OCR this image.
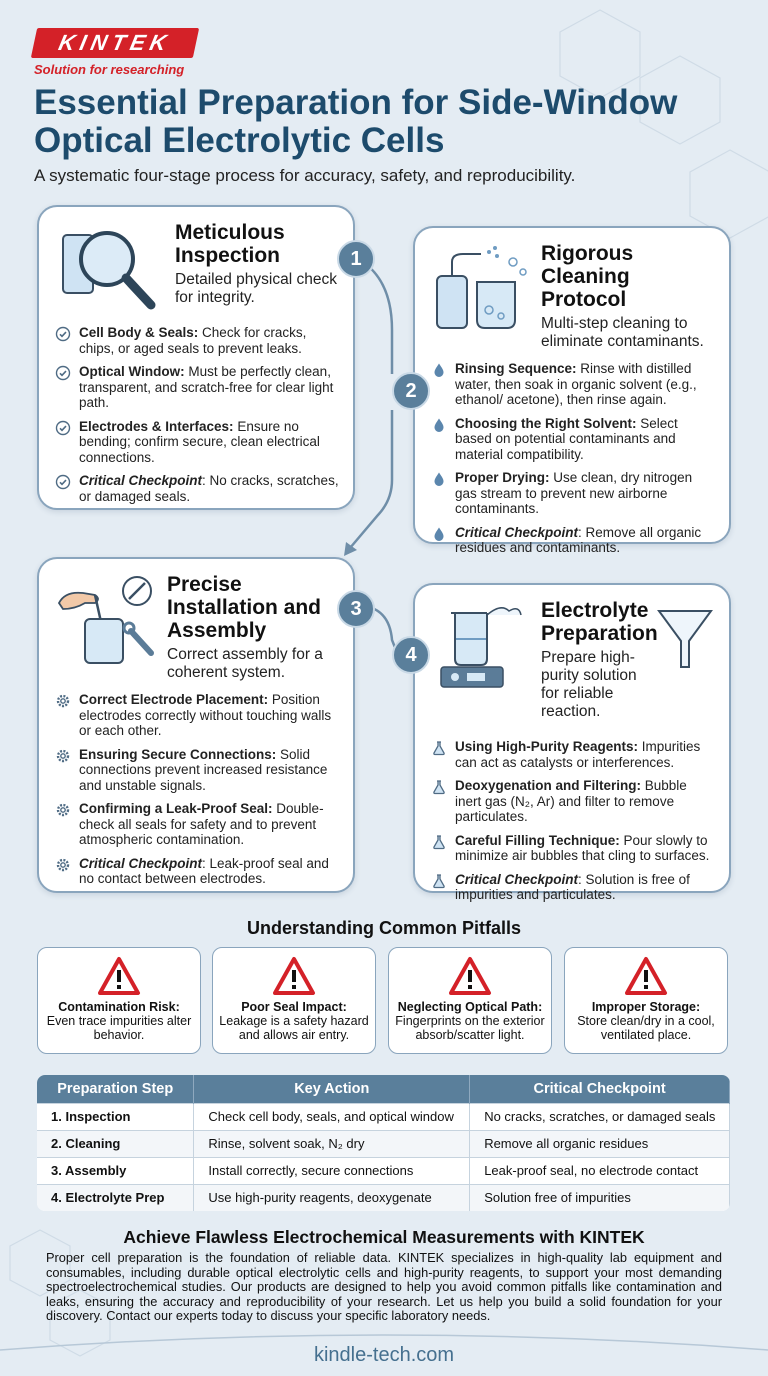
KINTEK
Solution for researching
Essential Preparation for Side-Window Optical Electrolytic Cells
A systematic four-stage process for accuracy, safety, and reproducibility.
Meticulous Inspection
Detailed physical check for integrity.
Cell Body & Seals: Check for cracks, chips, or aged seals to prevent leaks.
Optical Window: Must be perfectly clean, transparent, and scratch-free for clear light path.
Electrodes & Interfaces: Ensure no bending; confirm secure, clean electrical connections.
Critical Checkpoint: No cracks, scratches, or damaged seals.
Rigorous Cleaning Protocol
Multi-step cleaning to eliminate contaminants.
Rinsing Sequence: Rinse with distilled water, then soak in organic solvent (e.g., ethanol/ acetone), then rinse again.
Choosing the Right Solvent: Select based on potential contaminants and material compatibility.
Proper Drying: Use clean, dry nitrogen gas stream to prevent new airborne contaminants.
Critical Checkpoint: Remove all organic residues and contaminants.
Precise Installation and Assembly
Correct assembly for a coherent system.
Correct Electrode Placement: Position electrodes correctly without touching walls or each other.
Ensuring Secure Connections: Solid connections prevent increased resistance and unstable signals.
Confirming a Leak-Proof Seal: Double-check all seals for safety and to prevent atmospheric contamination.
Critical Checkpoint: Leak-proof seal and no contact between electrodes.
Electrolyte Preparation
Prepare high-purity solution for reliable reaction.
Using High-Purity Reagents: Impurities can act as catalysts or interferences.
Deoxygenation and Filtering: Bubble inert gas (N₂, Ar) and filter to remove particulates.
Careful Filling Technique: Pour slowly to minimize air bubbles that cling to surfaces.
Critical Checkpoint: Solution is free of impurities and particulates.
1
2
3
4
Understanding Common Pitfalls
Contamination Risk:
Even trace impurities alter behavior.
Poor Seal Impact:
Leakage is a safety hazard and allows air entry.
Neglecting Optical Path:
Fingerprints on the exterior absorb/scatter light.
Improper Storage:
Store clean/dry in a cool, ventilated place.
Preparation Step	Key Action	Critical Checkpoint
1. Inspection	Check cell body, seals, and optical window	No cracks, scratches, or damaged seals
2. Cleaning	Rinse, solvent soak, N₂ dry	Remove all organic residues
3. Assembly	Install correctly, secure connections	Leak-proof seal, no electrode contact
4. Electrolyte Prep	Use high-purity reagents, deoxygenate	Solution free of impurities
Achieve Flawless Electrochemical Measurements with KINTEK
Proper cell preparation is the foundation of reliable data. KINTEK specializes in high-quality lab equipment and consumables, including durable optical electrolytic cells and high-purity reagents, to support your most demanding spectroelectrochemical studies. Our products are designed to help you avoid common pitfalls like contamination and leaks, ensuring the accuracy and reproducibility of your research. Let us help you build a solid foundation for your discovery. Contact our experts today to discuss your specific laboratory needs.
kindle-tech.com
